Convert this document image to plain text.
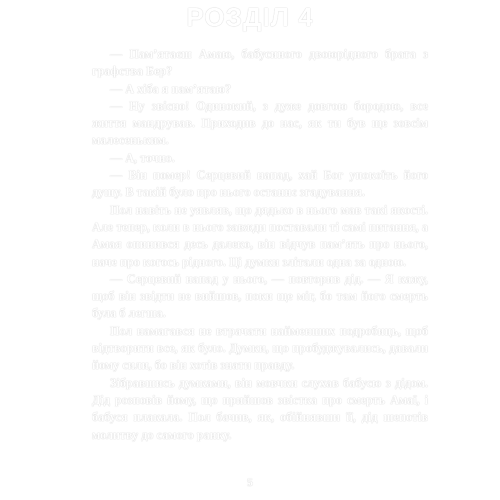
РОЗДІЛ 4

— Пам’ятаєш Амаю, бабусиного двоюрідного брата з графства Бер?

— А хіба я пам’ятаю?

— Ну звісно! Одинокий, з дуже довгою бородою, все життя мандрував. Приходив до нас, як ти був ще зовсім малесеньким.

— А, точно.

— Він помер! Серцевий напад, хай Бог упокоїть його душу. В такій було про нього останнє згадування.

Пол навіть не уявляв, що дядько в нього мав такі якості. Але тепер, коли в нього завжди поставали ті самі питання, а Амая опинився десь далеко, він відчув пам’ять про нього, наче про когось рідного. Ці думки злітали одна за одною.

— Серцевий напад у нього, — повторив дід. — Я кажу, щоб він звідти не вийшов, поки ще міг, бо там його смерть була б легша.

Пол намагався не втрачати найменших подробиць, щоб відтворити все, як було. Думки, що пробуджувались, давали йому сили, бо він хотів знати правду.

Зібравшись думками, він мовчки слухав бабусю з дідом. Дід розповів йому, що прийшов звістка про смерть Амаї, і бабуся плакала. Пол бачив, як, обійнявши її, дід шепотів молитву до самого ранку.

5
